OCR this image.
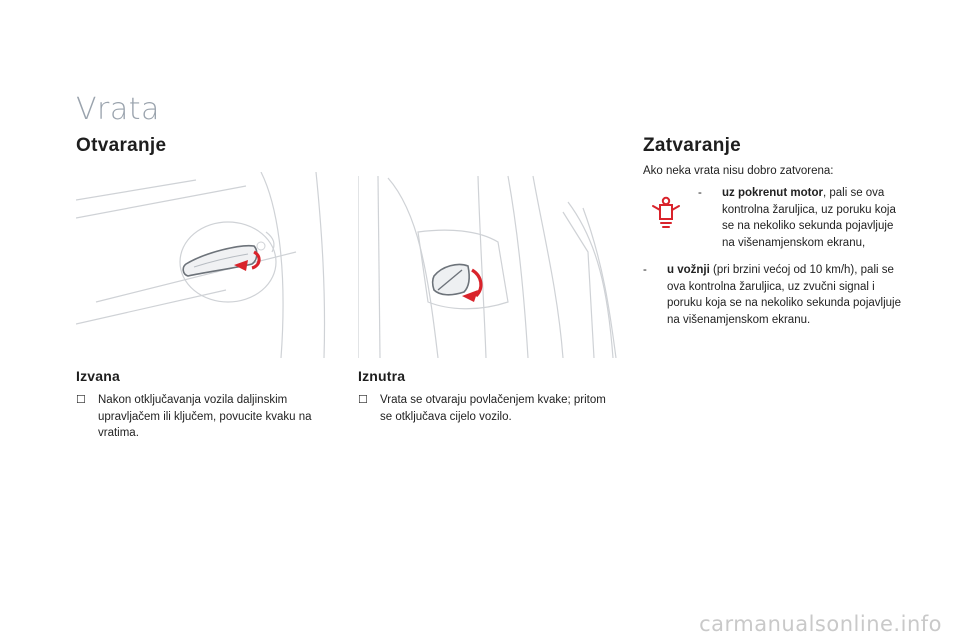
Vrata
Otvaranje
Izvana
☐	Nakon otključavanja vozila daljinskim upravljačem ili ključem, povucite kvaku na vratima.
Iznutra
☐	Vrata se otvaraju povlačenjem kvake; pritom se otključava cijelo vozilo.
Zatvaranje
Ako neka vrata nisu dobro zatvorena:
-	uz pokrenut motor, pali se ova kontrolna žaruljica, uz poruku koja se na nekoliko sekunda pojavljuje na višenamjenskom ekranu,
-	u vožnji (pri brzini većoj od 10 km/h), pali se ova kontrolna žaruljica, uz zvučni signal i poruku koja se na nekoliko sekunda pojavljuje na višenamjenskom ekranu.
carmanualsonline.info
